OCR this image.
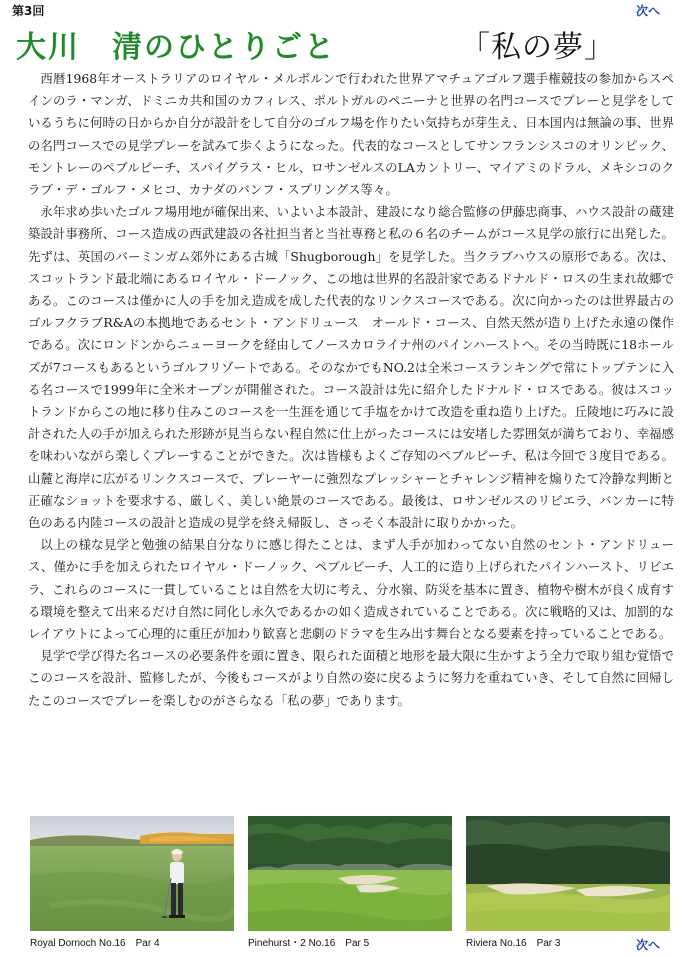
第3回	次へ
大川　清のひとりごと	「私の夢」

西暦1968年オーストラリアのロイヤル・メルボルンで行われた世界アマチュアゴルフ選手権競技の参加からスペインのラ・マンガ、ドミニカ共和国のカフィレス、ポルトガルのペニーナと世界の名門コースでプレーと見学をしているうちに何時の日からか自分が設計をして自分のゴルフ場を作りたい気持ちが芽生え、日本国内は無論の事、世界の名門コースでの見学プレーを試みて歩くようになった。代表的なコースとしてサンフランシスコのオリンピック、モントレーのペブルビーチ、スパイグラス・ヒル、ロサンゼルスのLAカントリー、マイアミのドラル、メキシコのクラブ・デ・ゴルフ・メヒコ、カナダのバンフ・スプリングス等々。

永年求め歩いたゴルフ場用地が確保出来、いよいよ本設計、建設になり総合監修の伊藤忠商事、ハウス設計の蔵建築設計事務所、コース造成の西武建設の各社担当者と当社専務と私の６名のチームがコース見学の旅行に出発した。先ずは、英国のバーミンガム郊外にある古城「Shugborough」を見学した。当クラブハウスの原形である。次は、スコットランド最北端にあるロイヤル・ドーノック、この地は世界的名設計家であるドナルド・ロスの生まれ故郷である。このコースは僅かに人の手を加え造成を成した代表的なリンクスコースである。次に向かったのは世界最古のゴルフクラブR&Aの本拠地であるセント・アンドリュース　オールド・コース、自然天然が造り上げた永遠の傑作である。次にロンドンからニューヨークを経由してノースカロライナ州のパインハーストへ。その当時既に18ホールズが7コースもあるというゴルフリゾートである。そのなかでもNO.2は全米コースランキングで常にトップテンに入る名コースで1999年に全米オープンが開催された。コース設計は先に紹介したドナルド・ロスである。彼はスコットランドからこの地に移り住みこのコースを一生涯を通じて手塩をかけて改造を重ね造り上げた。丘陵地に巧みに設計された人の手が加えられた形跡が見当らない程自然に仕上がったコースには安堵した雰囲気が満ちており、幸福感を味わいながら楽しくプレーすることができた。次は皆様もよくご存知のペブルビーチ、私は今回で３度目である。山麓と海岸に広がるリンクスコースで、プレーヤーに強烈なプレッシャーとチャレンジ精神を煽りたて冷静な判断と正確なショットを要求する、厳しく、美しい絶景のコースである。最後は、ロサンゼルスのリビエラ、バンカーに特色のある内陸コースの設計と造成の見学を終え帰阪し、さっそく本設計に取りかかった。

以上の様な見学と勉強の結果自分なりに感じ得たことは、まず人手が加わってない自然のセント・アンドリュース、僅かに手を加えられたロイヤル・ドーノック、ペブルビーチ、人工的に造り上げられたパインハースト、リビエラ、これらのコースに一貫していることは自然を大切に考え、分水嶺、防災を基本に置き、植物や樹木が良く成育する環境を整えて出来るだけ自然に同化し永久であるかの如く造成されていることである。次に戦略的又は、加罰的なレイアウトによって心理的に重圧が加わり歓喜と悲劇のドラマを生み出す舞台となる要素を持っていることである。

見学で学び得た名コースの必要条件を頭に置き、限られた面積と地形を最大限に生かすよう全力で取り組む覚悟でこのコースを設計、監修したが、今後もコースがより自然の姿に戻るように努力を重ねていき、そして自然に回帰したこのコースでプレーを楽しむのがさらなる「私の夢」であります。

Royal Dornoch No.16　Par 4	Pinehurst・2 No.16　Par 5	Riviera No.16　Par 3	次へ
